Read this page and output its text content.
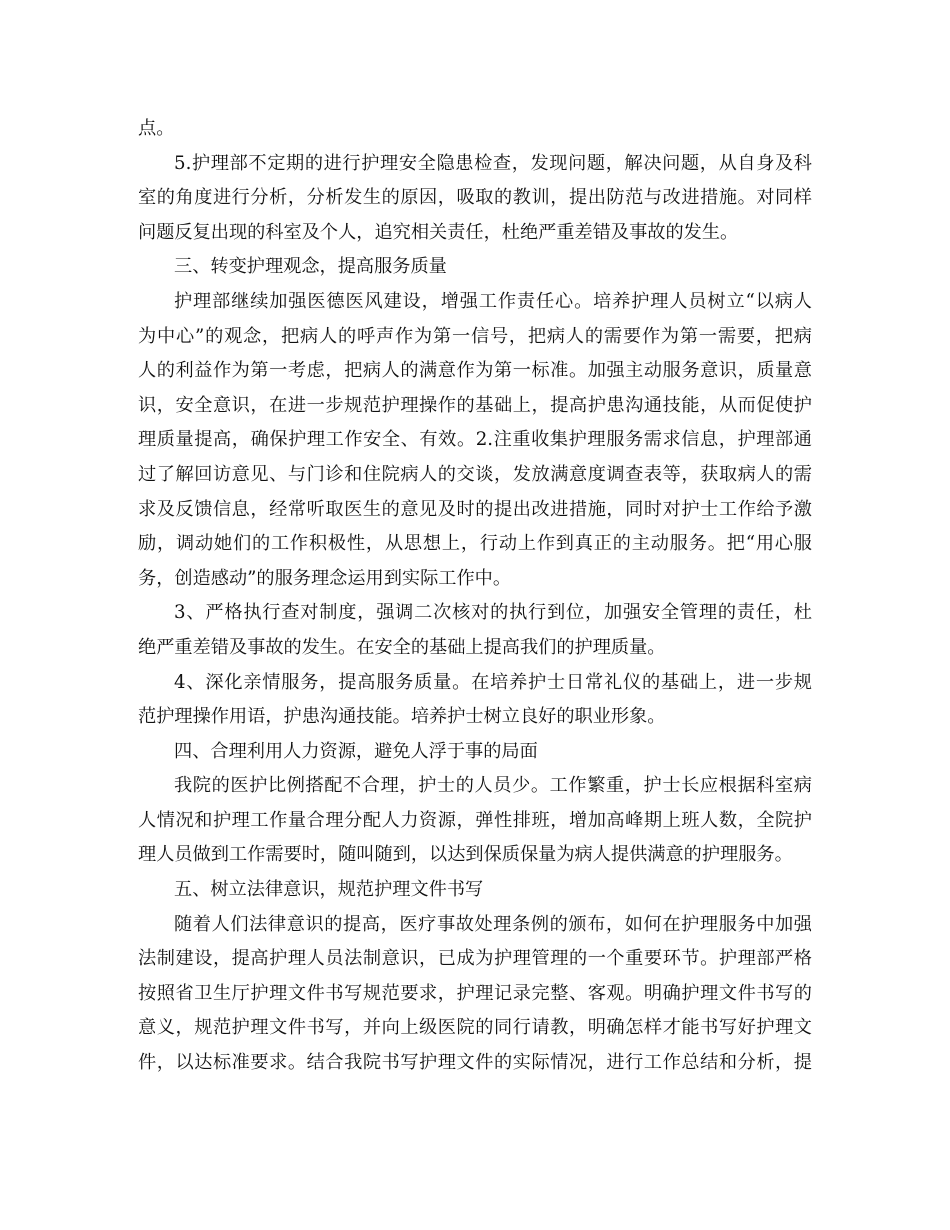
点。
5.护理部不定期的进行护理安全隐患检查，发现问题，解决问题，从自身及科
室的角度进行分析，分析发生的原因，吸取的教训，提出防范与改进措施。对同样
问题反复出现的科室及个人，追究相关责任，杜绝严重差错及事故的发生。
三、转变护理观念，提高服务质量
护理部继续加强医德医风建设，增强工作责任心。培养护理人员树立“以病人
为中心”的观念，把病人的呼声作为第一信号，把病人的需要作为第一需要，把病
人的利益作为第一考虑，把病人的满意作为第一标准。加强主动服务意识，质量意
识，安全意识，在进一步规范护理操作的基础上，提高护患沟通技能，从而促使护
理质量提高，确保护理工作安全、有效。2.注重收集护理服务需求信息，护理部通
过了解回访意见、与门诊和住院病人的交谈，发放满意度调查表等，获取病人的需
求及反馈信息，经常听取医生的意见及时的提出改进措施，同时对护士工作给予激
励，调动她们的工作积极性，从思想上，行动上作到真正的主动服务。把“用心服
务，创造感动”的服务理念运用到实际工作中。
3、严格执行查对制度，强调二次核对的执行到位，加强安全管理的责任，杜
绝严重差错及事故的发生。在安全的基础上提高我们的护理质量。
4、深化亲情服务，提高服务质量。在培养护士日常礼仪的基础上，进一步规
范护理操作用语，护患沟通技能。培养护士树立良好的职业形象。
四、合理利用人力资源，避免人浮于事的局面
我院的医护比例搭配不合理，护士的人员少。工作繁重，护士长应根据科室病
人情况和护理工作量合理分配人力资源，弹性排班，增加高峰期上班人数，全院护
理人员做到工作需要时，随叫随到，以达到保质保量为病人提供满意的护理服务。
五、树立法律意识，规范护理文件书写
随着人们法律意识的提高，医疗事故处理条例的颁布，如何在护理服务中加强
法制建设，提高护理人员法制意识，已成为护理管理的一个重要环节。护理部严格
按照省卫生厅护理文件书写规范要求，护理记录完整、客观。明确护理文件书写的
意义，规范护理文件书写，并向上级医院的同行请教，明确怎样才能书写好护理文
件，以达标准要求。结合我院书写护理文件的实际情况，进行工作总结和分析，提
